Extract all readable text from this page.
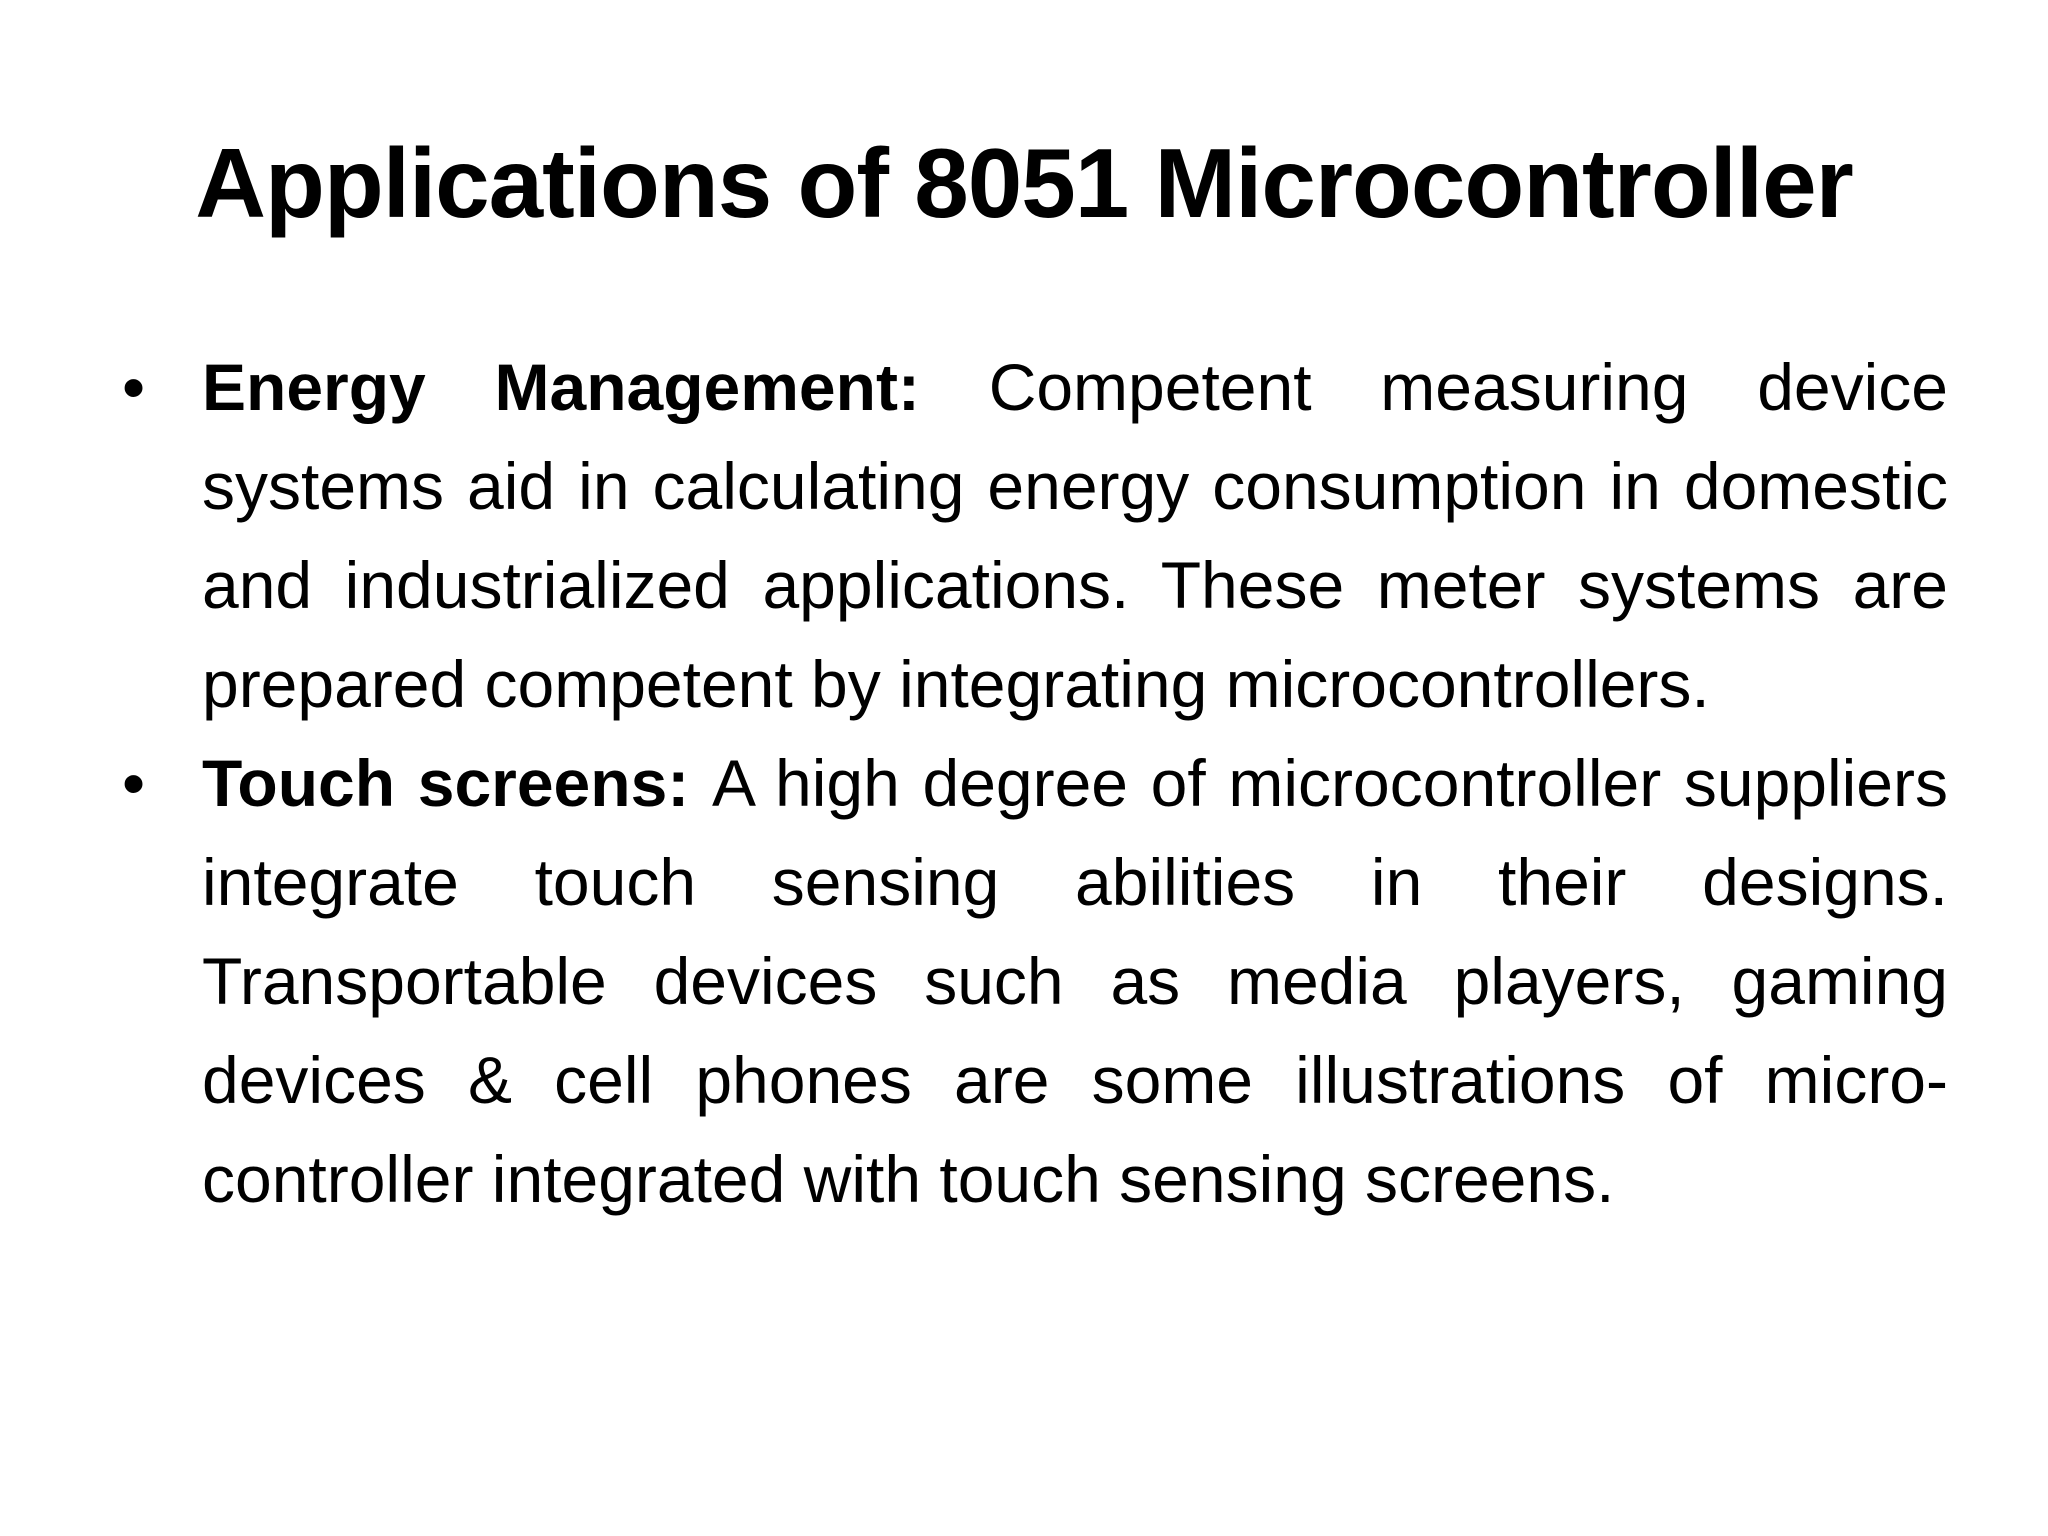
Applications of 8051 Microcontroller
• Energy Management: Competent measuring device systems aid in calculating energy consumption in domestic and industrialized applications. These meter systems are prepared competent by integrating microcontrollers.
• Touch screens: A high degree of microcontroller suppliers integrate touch sensing abilities in their designs. Transportable devices such as media players, gaming devices & cell phones are some illustrations of micro-controller integrated with touch sensing screens.
